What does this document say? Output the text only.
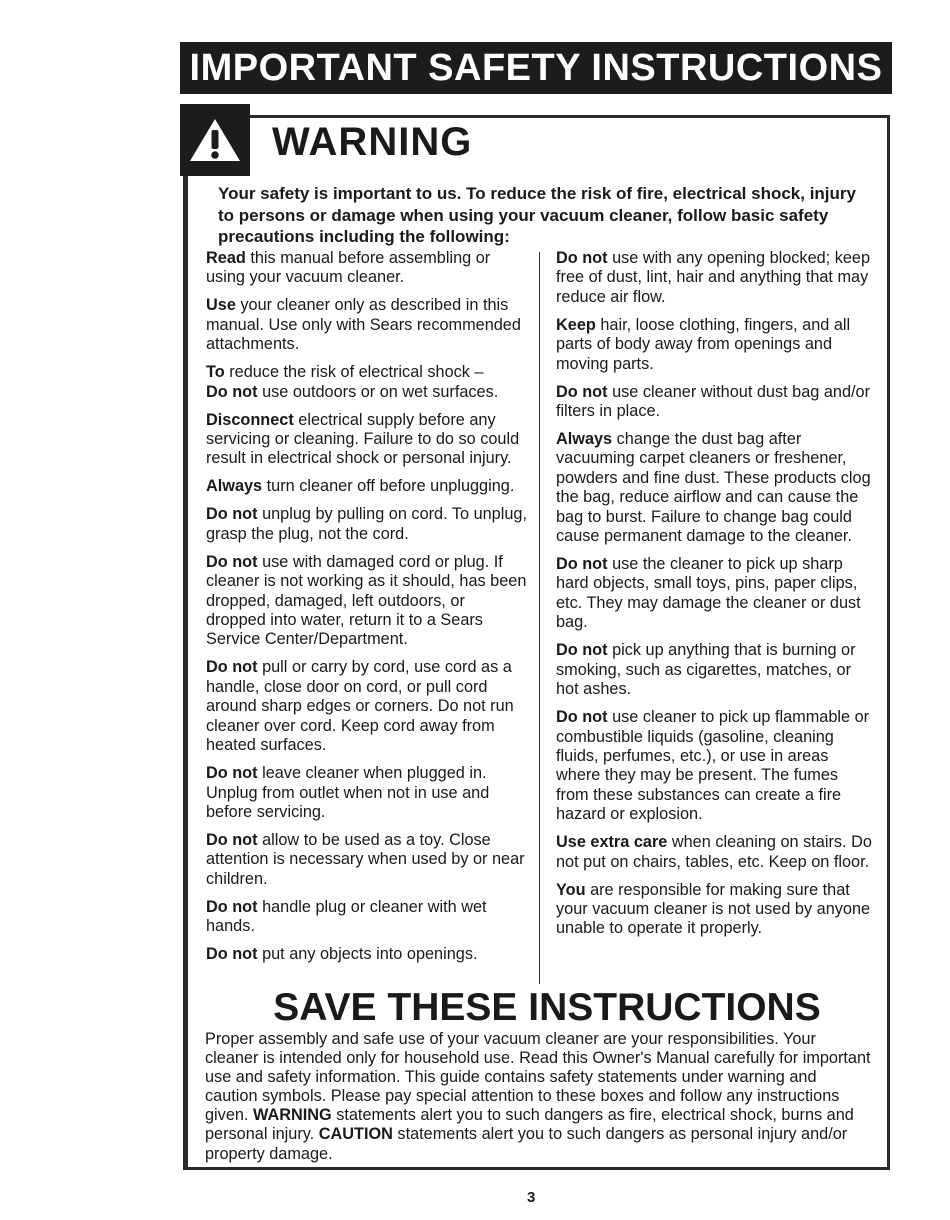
IMPORTANT SAFETY INSTRUCTIONS
WARNING
Your safety is important to us. To reduce the risk of fire, electrical shock, injury to persons or damage when using your vacuum cleaner, follow basic safety precautions including the following:

Read this manual before assembling or using your vacuum cleaner.

Use your cleaner only as described in this manual. Use only with Sears recommended attachments.

To reduce the risk of electrical shock –
Do not use outdoors or on wet surfaces.

Disconnect electrical supply before any servicing or cleaning. Failure to do so could result in electrical shock or personal injury.

Always turn cleaner off before unplugging.

Do not unplug by pulling on cord. To unplug, grasp the plug, not the cord.

Do not use with damaged cord or plug. If cleaner is not working as it should, has been dropped, damaged, left outdoors, or dropped into water, return it to a Sears Service Center/Department.

Do not pull or carry by cord, use cord as a handle, close door on cord, or pull cord around sharp edges or corners. Do not run cleaner over cord. Keep cord away from heated surfaces.

Do not leave cleaner when plugged in. Unplug from outlet when not in use and before servicing.

Do not allow to be used as a toy. Close attention is necessary when used by or near children.

Do not handle plug or cleaner with wet hands.

Do not put any objects into openings.

Do not use with any opening blocked; keep free of dust, lint, hair and anything that may reduce air flow.

Keep hair, loose clothing, fingers, and all parts of body away from openings and moving parts.

Do not use cleaner without dust bag and/or filters in place.

Always change the dust bag after vacuuming carpet cleaners or freshener, powders and fine dust. These products clog the bag, reduce airflow and can cause the bag to burst. Failure to change bag could cause permanent damage to the cleaner.

Do not use the cleaner to pick up sharp hard objects, small toys, pins, paper clips, etc. They may damage the cleaner or dust bag.

Do not pick up anything that is burning or smoking, such as cigarettes, matches, or hot ashes.

Do not use cleaner to pick up flammable or combustible liquids (gasoline, cleaning fluids, perfumes, etc.), or use in areas where they may be present. The fumes from these substances can create a fire hazard or explosion.

Use extra care when cleaning on stairs. Do not put on chairs, tables, etc. Keep on floor.

You are responsible for making sure that your vacuum cleaner is not used by anyone unable to operate it properly.

SAVE THESE INSTRUCTIONS
Proper assembly and safe use of your vacuum cleaner are your responsibilities. Your cleaner is intended only for household use. Read this Owner's Manual carefully for important use and safety information. This guide contains safety statements under warning and caution symbols. Please pay special attention to these boxes and follow any instructions given. WARNING statements alert you to such dangers as fire, electrical shock, burns and personal injury. CAUTION statements alert you to such dangers as personal injury and/or property damage.
3
